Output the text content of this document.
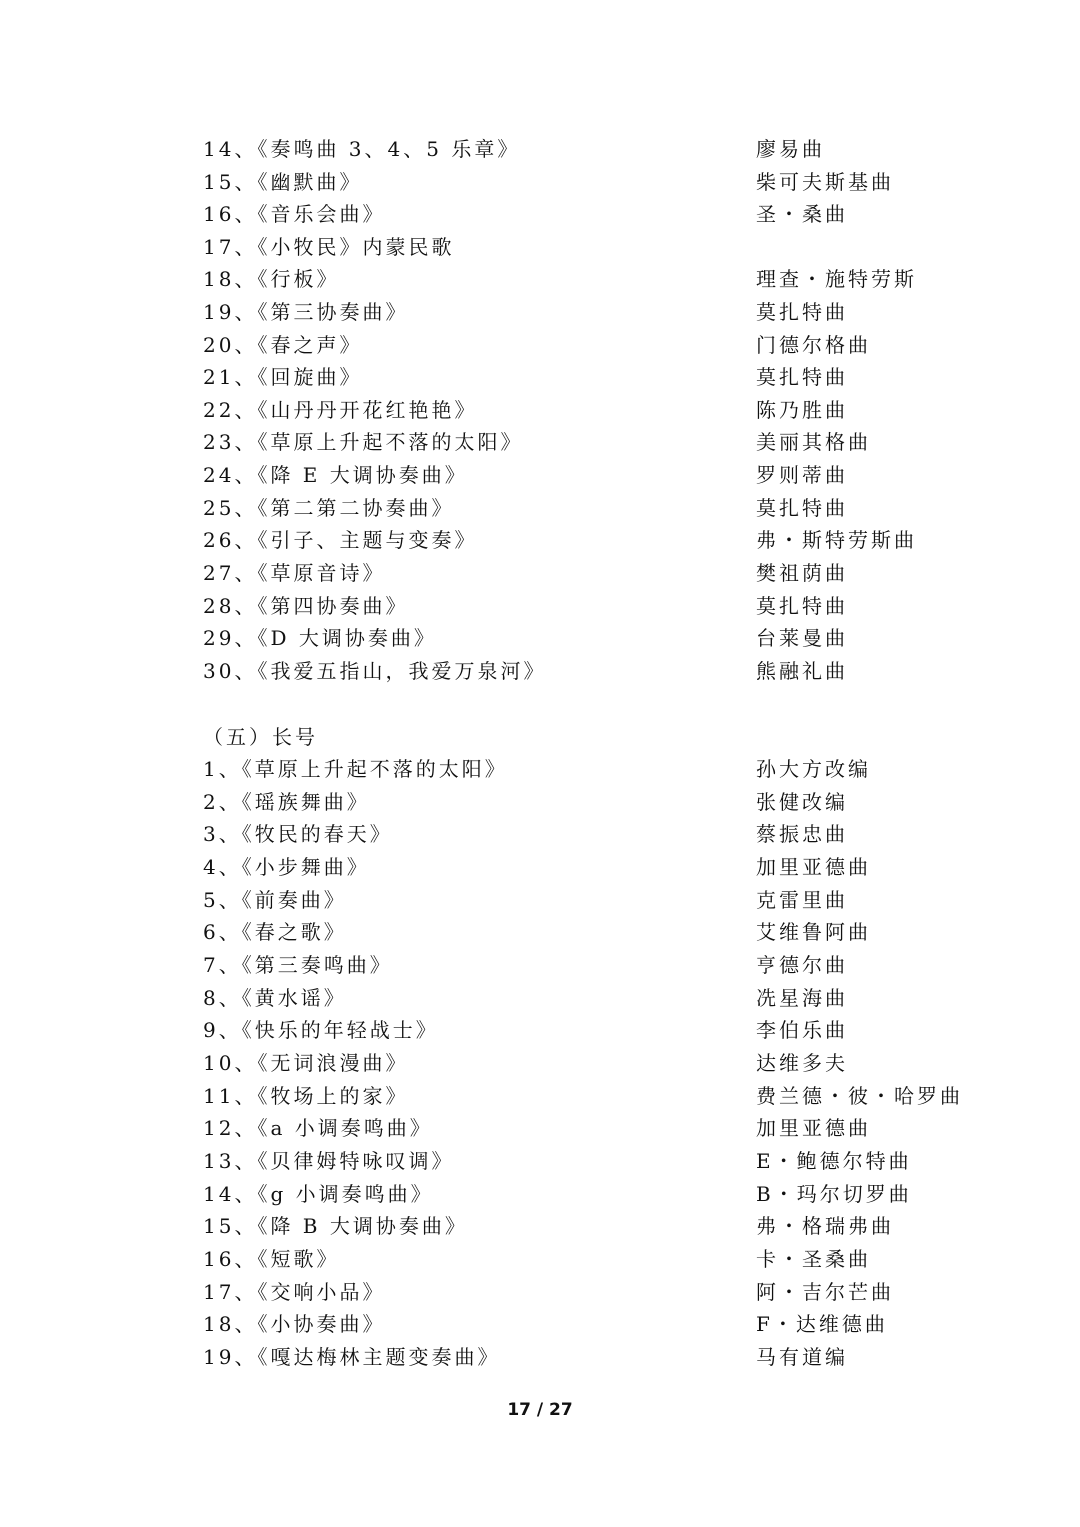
14、《奏鸣曲 3、4、5 乐章》	廖易曲
15、《幽默曲》	柴可夫斯基曲
16、《音乐会曲》	圣・桑曲
17、《小牧民》内蒙民歌
18、《行板》	理查・施特劳斯
19、《第三协奏曲》	莫扎特曲
20、《春之声》	门德尔格曲
21、《回旋曲》	莫扎特曲
22、《山丹丹开花红艳艳》	陈乃胜曲
23、《草原上升起不落的太阳》	美丽其格曲
24、《降 E 大调协奏曲》	罗则蒂曲
25、《第二第二协奏曲》	莫扎特曲
26、《引子、主题与变奏》	弗・斯特劳斯曲
27、《草原音诗》	樊祖荫曲
28、《第四协奏曲》	莫扎特曲
29、《D 大调协奏曲》	台莱曼曲
30、《我爱五指山，我爱万泉河》	熊融礼曲
（五）长号
1、《草原上升起不落的太阳》	孙大方改编
2、《瑶族舞曲》	张健改编
3、《牧民的春天》	蔡振忠曲
4、《小步舞曲》	加里亚德曲
5、《前奏曲》	克雷里曲
6、《春之歌》	艾维鲁阿曲
7、《第三奏鸣曲》	亨德尔曲
8、《黄水谣》	冼星海曲
9、《快乐的年轻战士》	李伯乐曲
10、《无词浪漫曲》	达维多夫
11、《牧场上的家》	费兰德・彼・哈罗曲
12、《a 小调奏鸣曲》	加里亚德曲
13、《贝律姆特咏叹调》	E・鲍德尔特曲
14、《g 小调奏鸣曲》	B・玛尔切罗曲
15、《降 B 大调协奏曲》	弗・格瑞弗曲
16、《短歌》	卡・圣桑曲
17、《交响小品》	阿・吉尔芒曲
18、《小协奏曲》	F・达维德曲
19、《嘎达梅林主题变奏曲》	马有道编
17 / 27
